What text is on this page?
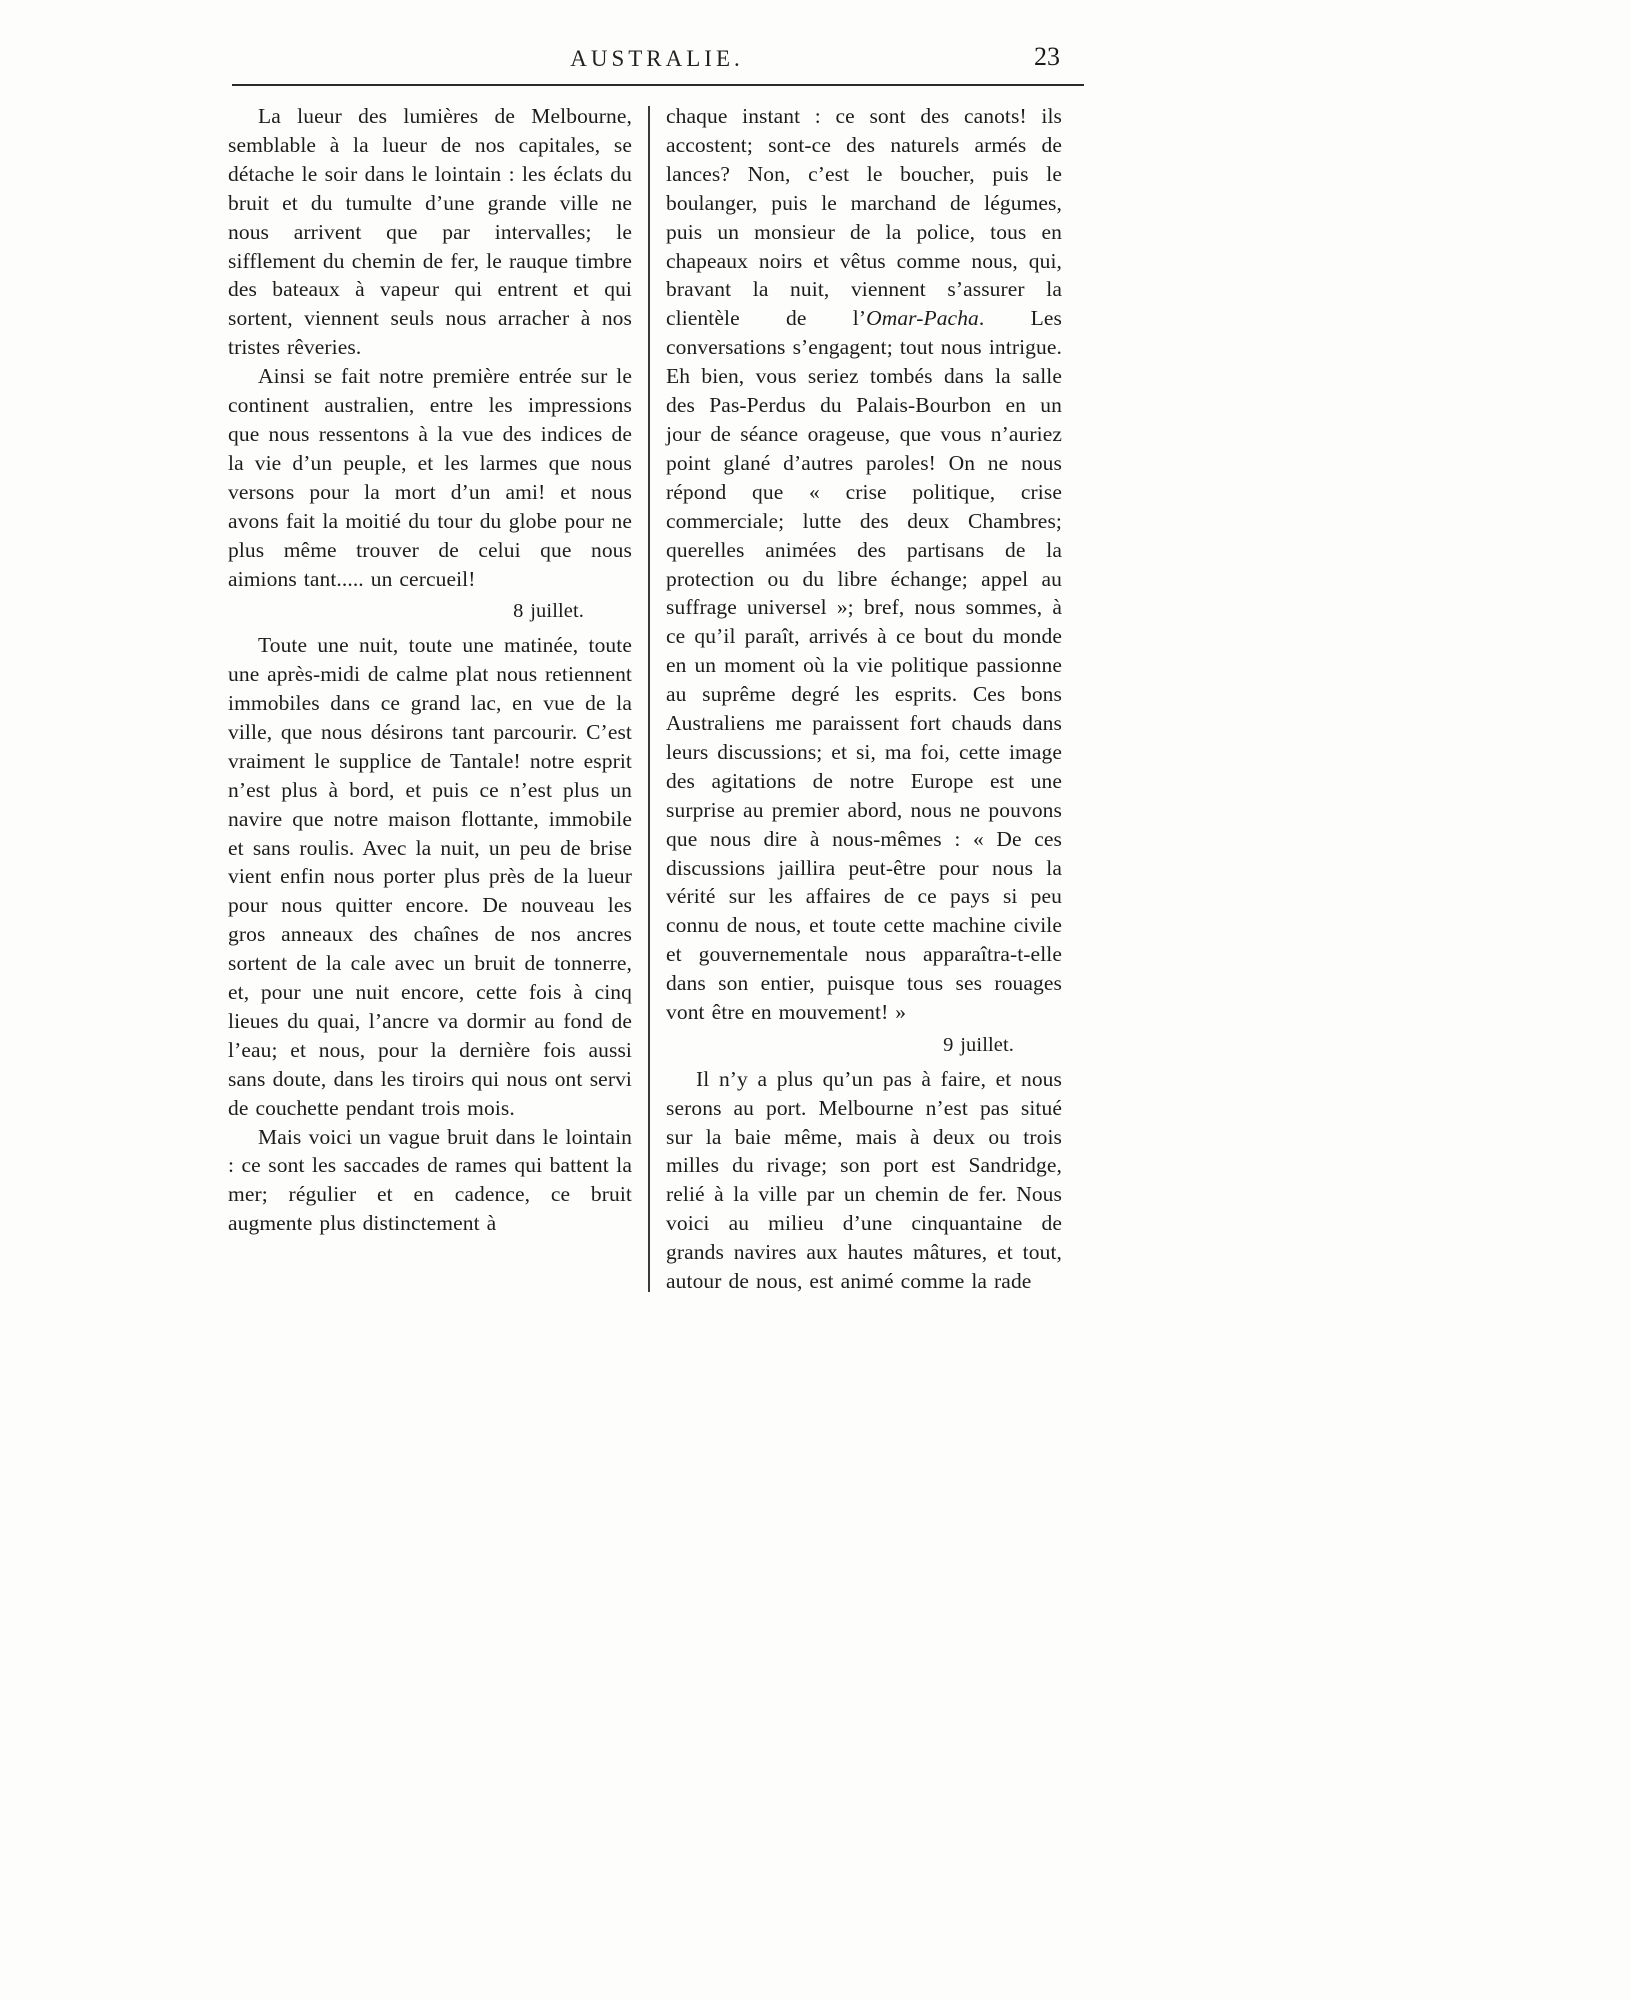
AUSTRALIE.	23

La lueur des lumières de Melbourne, semblable à la lueur de nos capitales, se détache le soir dans le lointain : les éclats du bruit et du tumulte d’une grande ville ne nous arrivent que par intervalles; le sifflement du chemin de fer, le rauque timbre des bateaux à vapeur qui entrent et qui sortent, viennent seuls nous arracher à nos tristes rêveries.

Ainsi se fait notre première entrée sur le continent australien, entre les impressions que nous ressentons à la vue des indices de la vie d’un peuple, et les larmes que nous versons pour la mort d’un ami! et nous avons fait la moitié du tour du globe pour ne plus même trouver de celui que nous aimions tant..... un cercueil!

8 juillet.

Toute une nuit, toute une matinée, toute une après-midi de calme plat nous retiennent immobiles dans ce grand lac, en vue de la ville, que nous désirons tant parcourir. C’est vraiment le supplice de Tantale! notre esprit n’est plus à bord, et puis ce n’est plus un navire que notre maison flottante, immobile et sans roulis. Avec la nuit, un peu de brise vient enfin nous porter plus près de la lueur pour nous quitter encore. De nouveau les gros anneaux des chaînes de nos ancres sortent de la cale avec un bruit de tonnerre, et, pour une nuit encore, cette fois à cinq lieues du quai, l’ancre va dormir au fond de l’eau; et nous, pour la dernière fois aussi sans doute, dans les tiroirs qui nous ont servi de couchette pendant trois mois.

Mais voici un vague bruit dans le lointain : ce sont les saccades de rames qui battent la mer; régulier et en cadence, ce bruit augmente plus distinctement à

chaque instant : ce sont des canots! ils accostent; sont-ce des naturels armés de lances? Non, c’est le boucher, puis le boulanger, puis le marchand de légumes, puis un monsieur de la police, tous en chapeaux noirs et vêtus comme nous, qui, bravant la nuit, viennent s’assurer la clientèle de l’Omar-Pacha. Les conversations s’engagent; tout nous intrigue. Eh bien, vous seriez tombés dans la salle des Pas-Perdus du Palais-Bourbon en un jour de séance orageuse, que vous n’auriez point glané d’autres paroles! On ne nous répond que « crise politique, crise commerciale; lutte des deux Chambres; querelles animées des partisans de la protection ou du libre échange; appel au suffrage universel »; bref, nous sommes, à ce qu’il paraît, arrivés à ce bout du monde en un moment où la vie politique passionne au suprême degré les esprits. Ces bons Australiens me paraissent fort chauds dans leurs discussions; et si, ma foi, cette image des agitations de notre Europe est une surprise au premier abord, nous ne pouvons que nous dire à nous-mêmes : « De ces discussions jaillira peut-être pour nous la vérité sur les affaires de ce pays si peu connu de nous, et toute cette machine civile et gouvernementale nous apparaîtra-t-elle dans son entier, puisque tous ses rouages vont être en mouvement! »

9 juillet.

Il n’y a plus qu’un pas à faire, et nous serons au port. Melbourne n’est pas situé sur la baie même, mais à deux ou trois milles du rivage; son port est Sandridge, relié à la ville par un chemin de fer. Nous voici au milieu d’une cinquantaine de grands navires aux hautes mâtures, et tout, autour de nous, est animé comme la rade
